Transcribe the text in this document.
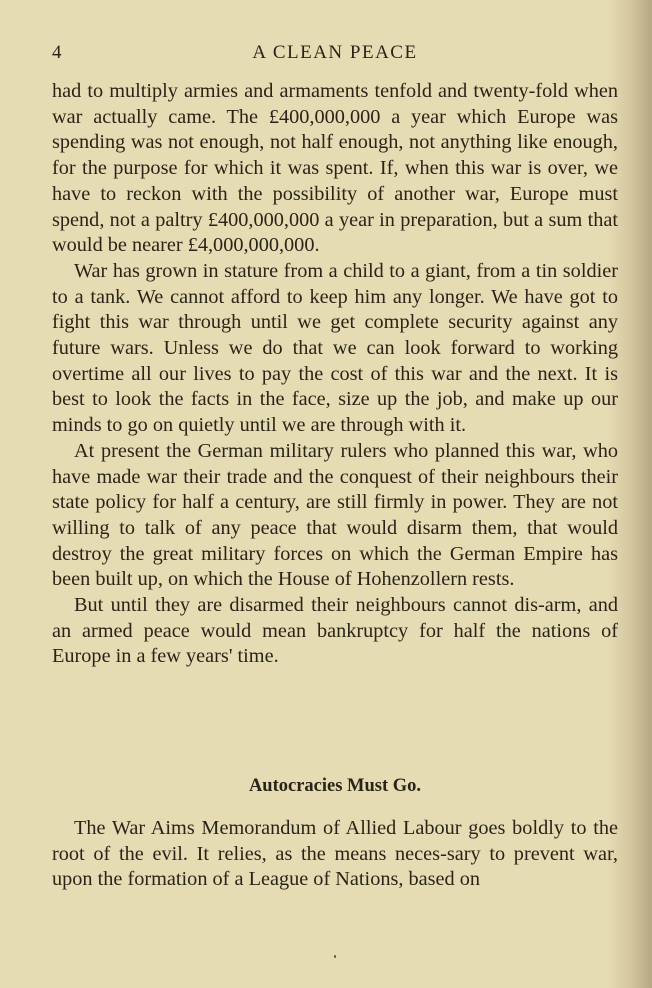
4	A CLEAN PEACE

had to multiply armies and armaments tenfold and twenty-fold when war actually came. The £400,000,000 a year which Europe was spending was not enough, not half enough, not anything like enough, for the purpose for which it was spent. If, when this war is over, we have to reckon with the possibility of another war, Europe must spend, not a paltry £400,000,000 a year in preparation, but a sum that would be nearer £4,000,000,000.

War has grown in stature from a child to a giant, from a tin soldier to a tank. We cannot afford to keep him any longer. We have got to fight this war through until we get complete security against any future wars. Unless we do that we can look forward to working overtime all our lives to pay the cost of this war and the next. It is best to look the facts in the face, size up the job, and make up our minds to go on quietly until we are through with it.

At present the German military rulers who planned this war, who have made war their trade and the conquest of their neighbours their state policy for half a century, are still firmly in power. They are not willing to talk of any peace that would disarm them, that would destroy the great military forces on which the German Empire has been built up, on which the House of Hohenzollern rests.

But until they are disarmed their neighbours cannot dis-arm, and an armed peace would mean bankruptcy for half the nations of Europe in a few years' time.

Autocracies Must Go.

The War Aims Memorandum of Allied Labour goes boldly to the root of the evil. It relies, as the means neces-sary to prevent war, upon the formation of a League of Nations, based on
